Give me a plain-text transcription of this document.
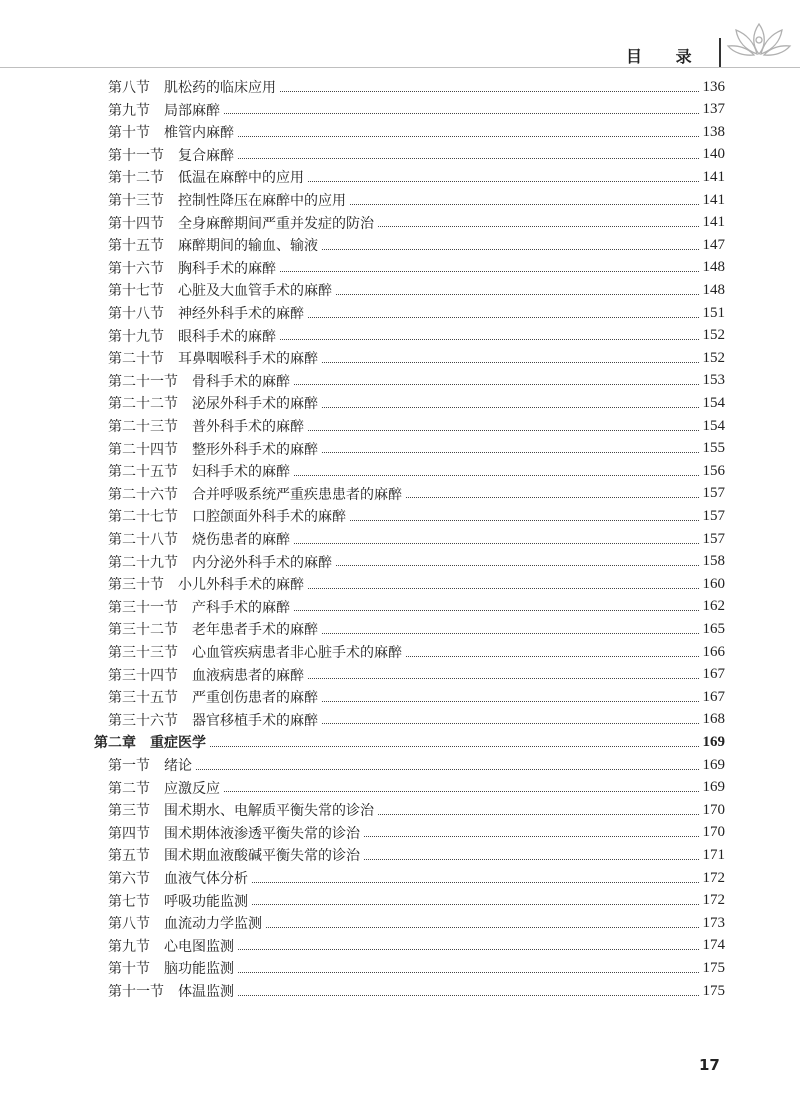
目 录
第八节 肌松药的临床应用	136
第九节 局部麻醉	137
第十节 椎管内麻醉	138
第十一节 复合麻醉	140
第十二节 低温在麻醉中的应用	141
第十三节 控制性降压在麻醉中的应用	141
第十四节 全身麻醉期间严重并发症的防治	141
第十五节 麻醉期间的输血、输液	147
第十六节 胸科手术的麻醉	148
第十七节 心脏及大血管手术的麻醉	148
第十八节 神经外科手术的麻醉	151
第十九节 眼科手术的麻醉	152
第二十节 耳鼻咽喉科手术的麻醉	152
第二十一节 骨科手术的麻醉	153
第二十二节 泌尿外科手术的麻醉	154
第二十三节 普外科手术的麻醉	154
第二十四节 整形外科手术的麻醉	155
第二十五节 妇科手术的麻醉	156
第二十六节 合并呼吸系统严重疾患患者的麻醉	157
第二十七节 口腔颌面外科手术的麻醉	157
第二十八节 烧伤患者的麻醉	157
第二十九节 内分泌外科手术的麻醉	158
第三十节 小儿外科手术的麻醉	160
第三十一节 产科手术的麻醉	162
第三十二节 老年患者手术的麻醉	165
第三十三节 心血管疾病患者非心脏手术的麻醉	166
第三十四节 血液病患者的麻醉	167
第三十五节 严重创伤患者的麻醉	167
第三十六节 器官移植手术的麻醉	168
第二章 重症医学	169
第一节 绪论	169
第二节 应激反应	169
第三节 围术期水、电解质平衡失常的诊治	170
第四节 围术期体液渗透平衡失常的诊治	170
第五节 围术期血液酸碱平衡失常的诊治	171
第六节 血液气体分析	172
第七节 呼吸功能监测	172
第八节 血流动力学监测	173
第九节 心电图监测	174
第十节 脑功能监测	175
第十一节 体温监测	175
17
